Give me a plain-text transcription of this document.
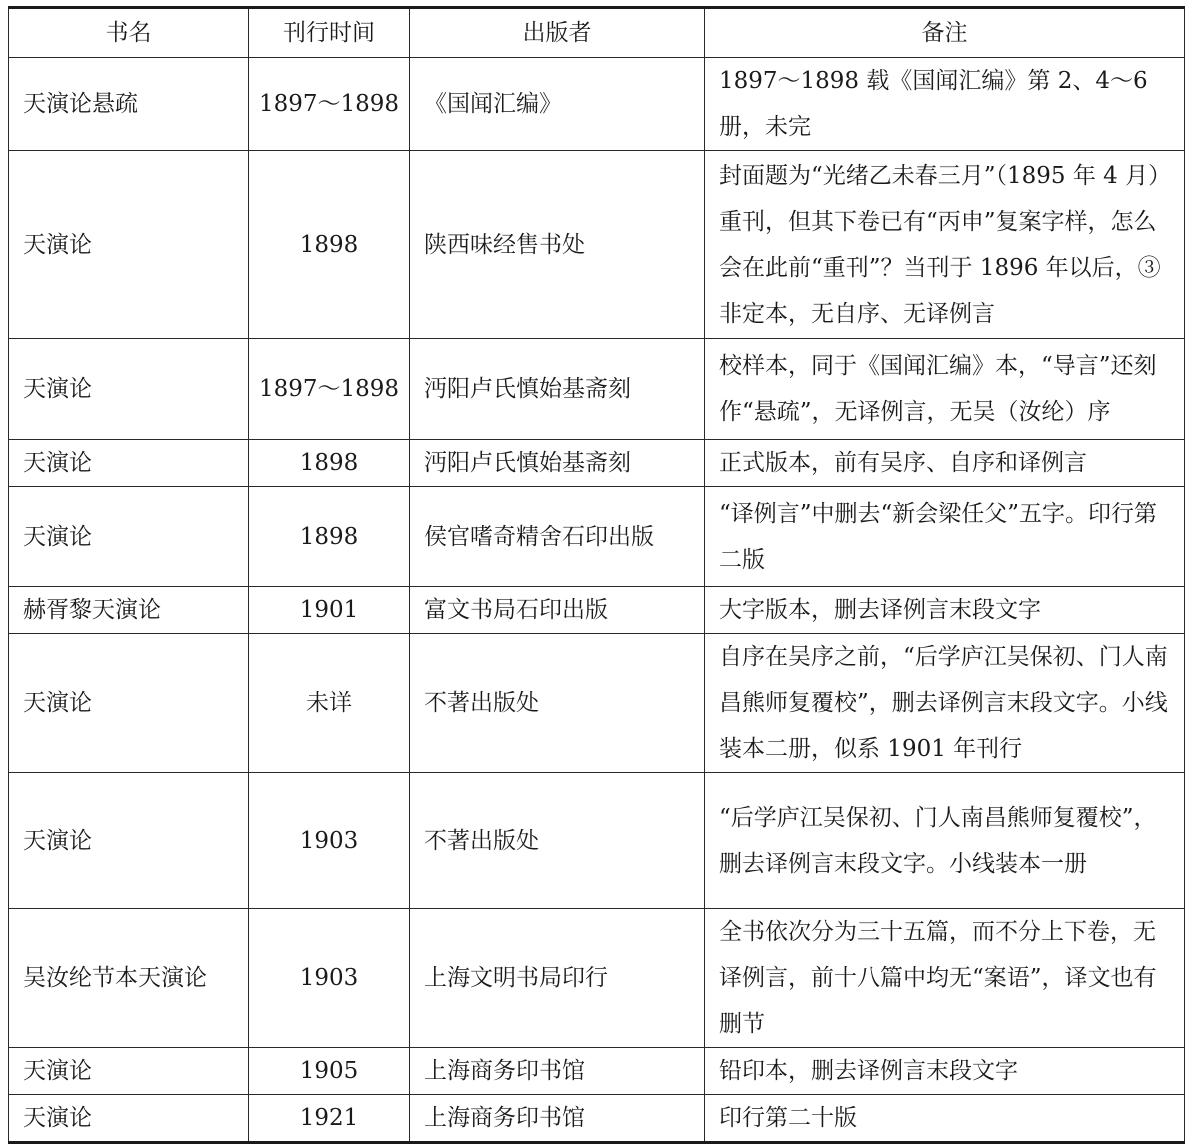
书名	刊行时间	出版者	备注
天演论悬疏	1897～1898	《国闻汇编》	1897～1898 载《国闻汇编》第 2、4～6 册，未完
天演论	1898	陕西味经售书处	封面题为“光绪乙未春三月”（1895 年 4 月）重刊，但其下卷已有“丙申”复案字样，怎么会在此前“重刊”？当刊于 1896 年以后，③非定本，无自序、无译例言
天演论	1897～1898	沔阳卢氏慎始基斋刻	校样本，同于《国闻汇编》本，“导言”还刻作“悬疏”，无译例言，无吴（汝纶）序
天演论	1898	沔阳卢氏慎始基斋刻	正式版本，前有吴序、自序和译例言
天演论	1898	侯官嗜奇精舍石印出版	“译例言”中删去“新会梁任父”五字。印行第二版
赫胥黎天演论	1901	富文书局石印出版	大字版本，删去译例言末段文字
天演论	未详	不著出版处	自序在吴序之前，“后学庐江吴保初、门人南昌熊师复覆校”，删去译例言末段文字。小线装本二册，似系 1901 年刊行
天演论	1903	不著出版处	“后学庐江吴保初、门人南昌熊师复覆校”，删去译例言末段文字。小线装本一册
吴汝纶节本天演论	1903	上海文明书局印行	全书依次分为三十五篇，而不分上下卷，无译例言，前十八篇中均无“案语”，译文也有删节
天演论	1905	上海商务印书馆	铅印本，删去译例言末段文字
天演论	1921	上海商务印书馆	印行第二十版
